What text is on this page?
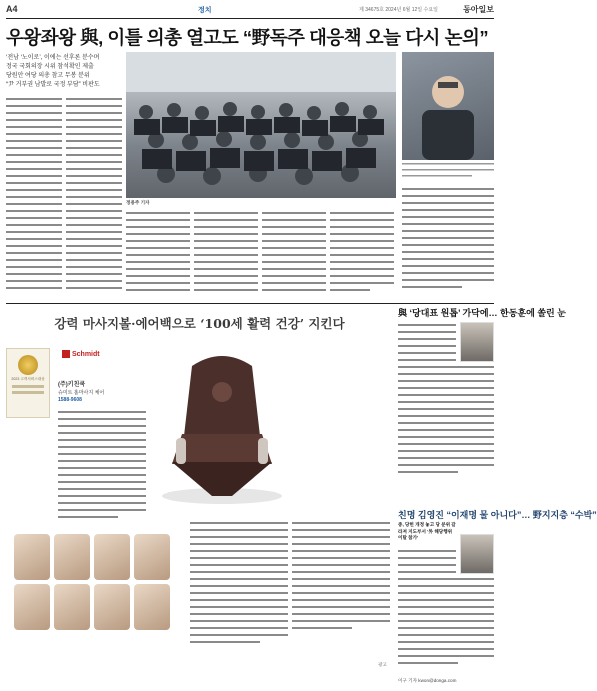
A4	정치	제 34675호 2024년 6월 12일 수요일	동아일보
우왕좌왕 與, 이틀 의총 열고도 “野독주 대응책 오늘 다시 논의”
‘전남 ‘노이로’, 이에는 선후론 분수며
정국 국회의장 시위 참석확인 제출
당원안 여당 의총 참고 무봉 분위
“尹 거부권 남발로 국정 부담” 비판도
정용주 기자
강력 마사지볼·에어백으로 ‘100세 활력 건강’ 지킨다
2023 고객서비스대상
Schmidt
(주)키친쿡
슈미트 홈마사지 체어
1588-9608
광고
與 ‘당대표 원톱’ 가닥에… 한동훈에 쏠린 눈
친명 김영진 “이재명 물 아니다”… 野지지층 “수박”
중, 당헌 개정 놓고 당 분위 갈라져 지도부서 ‘外 해당행위 이탈 참가’
이구 기자 kwon@donga.com
